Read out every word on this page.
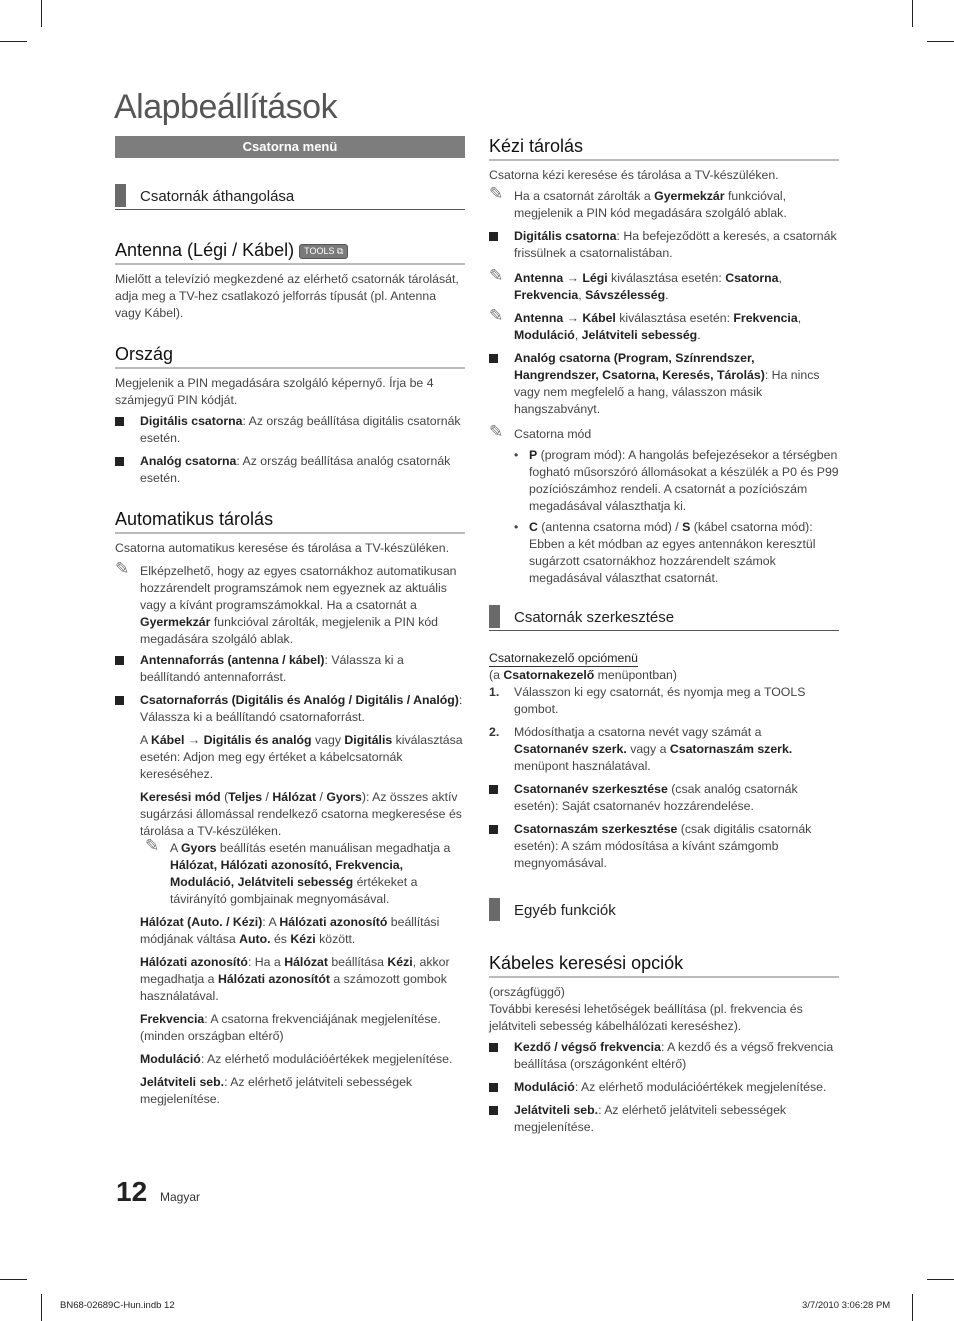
Alapbeállítások
Csatorna menü
Csatornák áthangolása
Antenna (Légi / Kábel) TOOLS ⧉

Mielőtt a televízió megkezdené az elérhető csatornák tárolását, adja meg a TV-hez csatlakozó jelforrás típusát (pl. Antenna vagy Kábel).

Ország

Megjelenik a PIN megadására szolgáló képernyő. Írja be 4 számjegyű PIN kódját.

Digitális csatorna: Az ország beállítása digitális csatornák esetén.
Analóg csatorna: Az ország beállítása analóg csatornák esetén.
Automatikus tárolás

Csatorna automatikus keresése és tárolása a TV-készüléken.

✎ Elképzelhető, hogy az egyes csatornákhoz automatikusan hozzárendelt programszámok nem egyeznek az aktuális vagy a kívánt programszámokkal. Ha a csatornát a Gyermekzár funkcióval zárolták, megjelenik a PIN kód megadására szolgáló ablak.
Antennaforrás (antenna / kábel): Válassza ki a beállítandó antennaforrást.
Csatornaforrás (Digitális és Analóg / Digitális / Analóg): Válassza ki a beállítandó csatornaforrást.

A Kábel → Digitális és analóg vagy Digitális kiválasztása esetén: Adjon meg egy értéket a kábelcsatornák kereséséhez.

Keresési mód (Teljes / Hálózat / Gyors): Az összes aktív sugárzási állomással rendelkező csatorna megkeresése és tárolása a TV-készüléken.

✎ A Gyors beállítás esetén manuálisan megadhatja a Hálózat, Hálózati azonosító, Frekvencia, Moduláció, Jelátviteli sebesség értékeket a távirányító gombjainak megnyomásával.

Hálózat (Auto. / Kézi): A Hálózati azonosító beállítási módjának váltása Auto. és Kézi között.

Hálózati azonosító: Ha a Hálózat beállítása Kézi, akkor megadhatja a Hálózati azonosítót a számozott gombok használatával.

Frekvencia: A csatorna frekvenciájának megjelenítése. (minden országban eltérő)

Moduláció: Az elérhető modulációértékek megjelenítése.

Jelátviteli seb.: Az elérhető jelátviteli sebességek megjelenítése.

Kézi tárolás

Csatorna kézi keresése és tárolása a TV-készüléken.

✎ Ha a csatornát zárolták a Gyermekzár funkcióval, megjelenik a PIN kód megadására szolgáló ablak.
Digitális csatorna: Ha befejeződött a keresés, a csatornák frissülnek a csatornalistában.
✎ Antenna → Légi kiválasztása esetén: Csatorna, Frekvencia, Sávszélesség.
✎ Antenna → Kábel kiválasztása esetén: Frekvencia, Moduláció, Jelátviteli sebesség.
Analóg csatorna (Program, Színrendszer, Hangrendszer, Csatorna, Keresés, Tárolás): Ha nincs vagy nem megfelelő a hang, válasszon másik hangszabványt.
✎ Csatorna mód
• P (program mód): A hangolás befejezésekor a térségben fogható műsorszóró állomásokat a készülék a P0 és P99 pozíciószámhoz rendeli. A csatornát a pozíciószám megadásával választhatja ki.
• C (antenna csatorna mód) / S (kábel csatorna mód): Ebben a két módban az egyes antennákon keresztül sugárzott csatornákhoz hozzárendelt számok megadásával választhat csatornát.
Csatornák szerkesztése
Csatornakezelő opciómenü

(a Csatornakezelő menüpontban)

1. Válasszon ki egy csatornát, és nyomja meg a TOOLS gombot.
2. Módosíthatja a csatorna nevét vagy számát a Csatornanév szerk. vagy a Csatornaszám szerk. menüpont használatával.
Csatornanév szerkesztése (csak analóg csatornák esetén): Saját csatornanév hozzárendelése.
Csatornaszám szerkesztése (csak digitális csatornák esetén): A szám módosítása a kívánt számgomb megnyomásával.
Egyéb funkciók
Kábeles keresési opciók

(országfüggő)

További keresési lehetőségek beállítása (pl. frekvencia és jelátviteli sebesség kábelhálózati kereséshez).

Kezdő / végső frekvencia: A kezdő és a végső frekvencia beállítása (országonként eltérő)
Moduláció: Az elérhető modulációértékek megjelenítése.
Jelátviteli seb.: Az elérhető jelátviteli sebességek megjelenítése.
12 Magyar
BN68-02689C-Hun.indb 12	3/7/2010 3:06:28 PM
